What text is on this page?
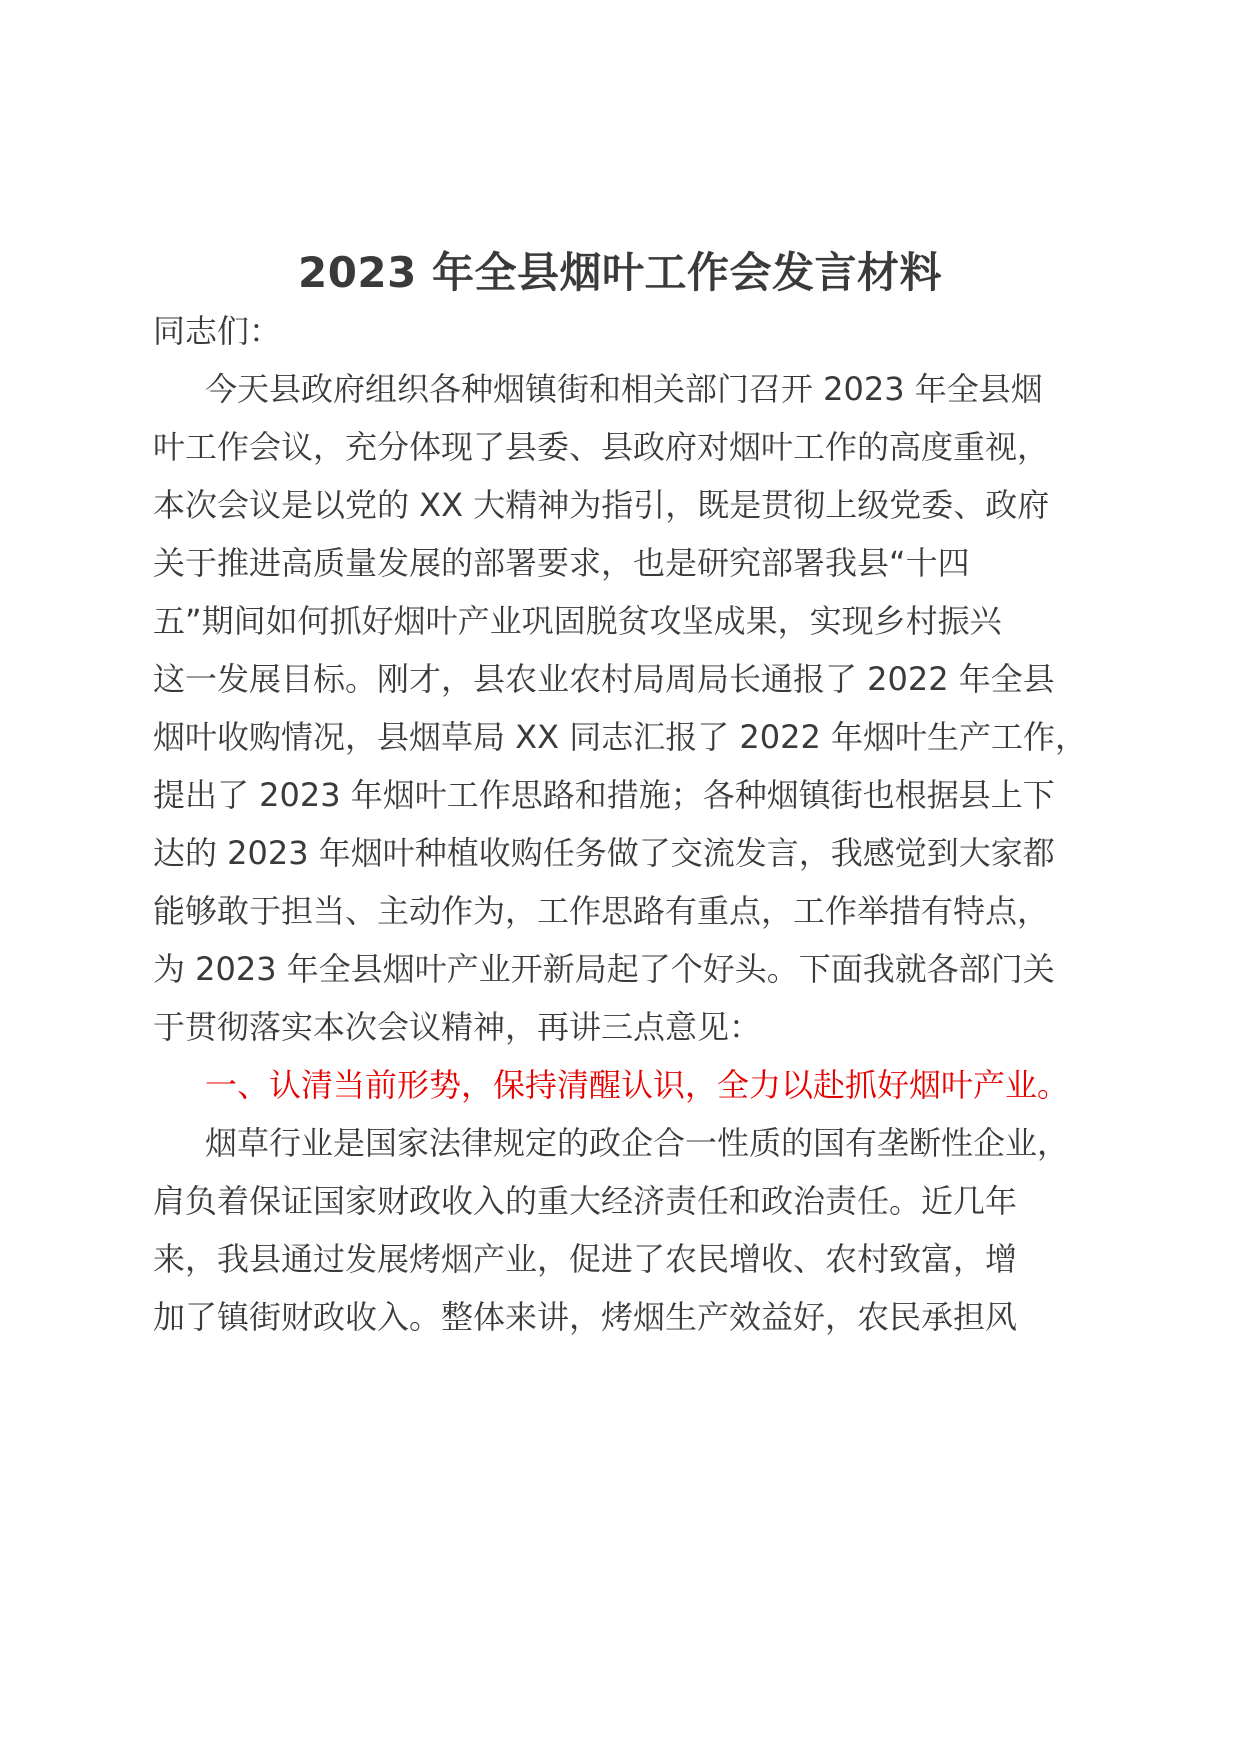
2023 年全县烟叶工作会发言材料
同志们：
今天县政府组织各种烟镇街和相关部门召开 2023 年全县烟
叶工作会议，充分体现了县委、县政府对烟叶工作的高度重视，
本次会议是以党的 XX 大精神为指引，既是贯彻上级党委、政府
关于推进高质量发展的部署要求，也是研究部署我县“十四
五”期间如何抓好烟叶产业巩固脱贫攻坚成果，实现乡村振兴
这一发展目标。刚才，县农业农村局周局长通报了 2022 年全县
烟叶收购情况，县烟草局 XX 同志汇报了 2022 年烟叶生产工作，
提出了 2023 年烟叶工作思路和措施；各种烟镇街也根据县上下
达的 2023 年烟叶种植收购任务做了交流发言，我感觉到大家都
能够敢于担当、主动作为，工作思路有重点，工作举措有特点，
为 2023 年全县烟叶产业开新局起了个好头。下面我就各部门关
于贯彻落实本次会议精神，再讲三点意见：
一、认清当前形势，保持清醒认识，全力以赴抓好烟叶产业。
烟草行业是国家法律规定的政企合一性质的国有垄断性企业，
肩负着保证国家财政收入的重大经济责任和政治责任。近几年
来，我县通过发展烤烟产业，促进了农民增收、农村致富，增
加了镇街财政收入。整体来讲，烤烟生产效益好，农民承担风
